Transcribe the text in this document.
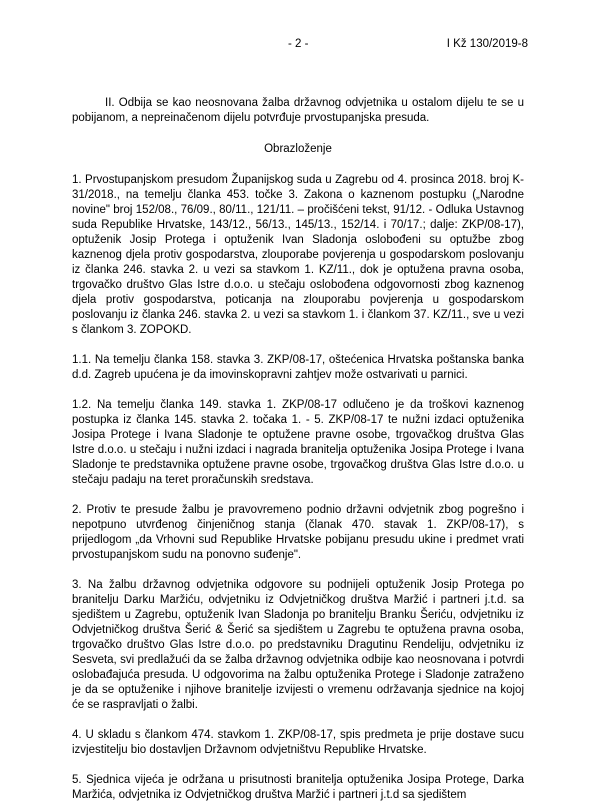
- 2 -	I Kž 130/2019-8

II. Odbija se kao neosnovana žalba državnog odvjetnika u ostalom dijelu te se u pobijanom, a nepreinačenom dijelu potvrđuje prvostupanjska presuda.

Obrazloženje

1. Prvostupanjskom presudom Županijskog suda u Zagrebu od 4. prosinca 2018. broj K-31/2018., na temelju članka 453. točke 3. Zakona o kaznenom postupku („Narodne novine" broj 152/08., 76/09., 80/11., 121/11. – pročišćeni tekst, 91/12. - Odluka Ustavnog suda Republike Hrvatske, 143/12., 56/13., 145/13., 152/14. i 70/17.; dalje: ZKP/08-17), optuženik Josip Protega i optuženik Ivan Sladonja oslobođeni su optužbe zbog kaznenog djela protiv gospodarstva, zlouporabe povjerenja u gospodarskom poslovanju iz članka 246. stavka 2. u vezi sa stavkom 1. KZ/11., dok je optužena pravna osoba, trgovačko društvo Glas Istre d.o.o. u stečaju oslobođena odgovornosti zbog kaznenog djela protiv gospodarstva, poticanja na zlouporabu povjerenja u gospodarskom poslovanju iz članka 246. stavka 2. u vezi sa stavkom 1. i člankom 37. KZ/11., sve u vezi s člankom 3. ZOPOKD.

1.1. Na temelju članka 158. stavka 3. ZKP/08-17, oštećenica Hrvatska poštanska banka d.d. Zagreb upućena je da imovinskopravni zahtjev može ostvarivati u parnici.

1.2. Na temelju članka 149. stavka 1. ZKP/08-17 odlučeno je da troškovi kaznenog postupka iz članka 145. stavka 2. točaka 1. - 5. ZKP/08-17 te nužni izdaci optuženika Josipa Protege i Ivana Sladonje te optužene pravne osobe, trgovačkog društva Glas Istre d.o.o. u stečaju i nužni izdaci i nagrada branitelja optuženika Josipa Protege i Ivana Sladonje te predstavnika optužene pravne osobe, trgovačkog društva Glas Istre d.o.o. u stečaju padaju na teret proračunskih sredstava.

2. Protiv te presude žalbu je pravovremeno podnio državni odvjetnik zbog pogrešno i nepotpuno utvrđenog činjeničnog stanja (članak 470. stavak 1. ZKP/08-17), s prijedlogom „da Vrhovni sud Republike Hrvatske pobijanu presudu ukine i predmet vrati prvostupanjskom sudu na ponovno suđenje".

3. Na žalbu državnog odvjetnika odgovore su podnijeli optuženik Josip Protega po branitelju Darku Maržiću, odvjetniku iz Odvjetničkog društva Maržić i partneri j.t.d. sa sjedištem u Zagrebu, optuženik Ivan Sladonja po branitelju Branku Šeriću, odvjetniku iz Odvjetničkog društva Šerić & Šerić sa sjedištem u Zagrebu te optužena pravna osoba, trgovačko društvo Glas Istre d.o.o. po predstavniku Dragutinu Rendeliju, odvjetniku iz Sesveta, svi predlažući da se žalba državnog odvjetnika odbije kao neosnovana i potvrdi oslobađajuća presuda. U odgovorima na žalbu optuženika Protege i Sladonje zatraženo je da se optuženike i njihove branitelje izvijesti o vremenu održavanja sjednice na kojoj će se raspravljati o žalbi.

4. U skladu s člankom 474. stavkom 1. ZKP/08-17, spis predmeta je prije dostave sucu izvjestitelju bio dostavljen Državnom odvjetništvu Republike Hrvatske.

5. Sjednica vijeća je održana u prisutnosti branitelja optuženika Josipa Protege, Darka Maržića, odvjetnika iz Odvjetničkog društva Maržić i partneri j.t.d sa sjedištem
